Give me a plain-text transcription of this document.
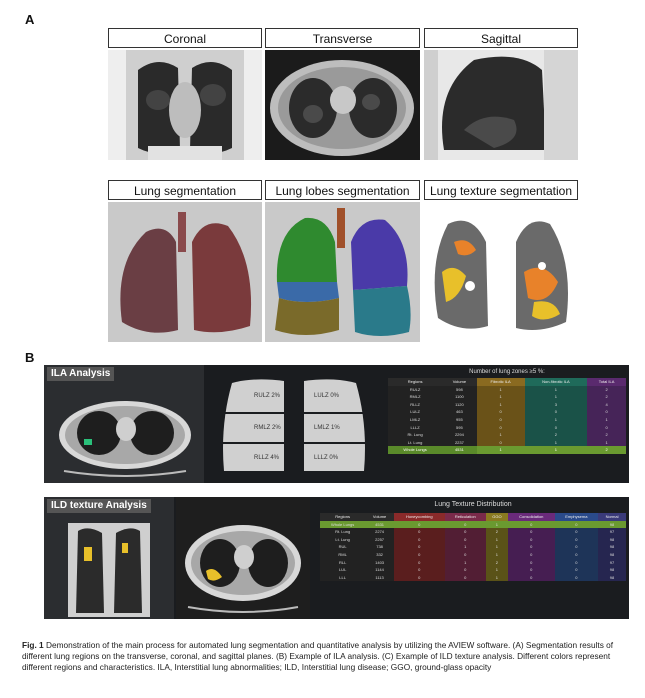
A
Coronal	Transverse	Sagittal
Lung segmentation	Lung lobes segmentation	Lung texture segmentation
B
ILA Analysis
RULZ 2%	LULZ 0%
RMLZ 2%	LMLZ 1%
RLLZ 4%	LLLZ 0%
Number of lung zones ≥5 %:
Regions	Volume	Fibrotic ILA	Non-fibrotic ILA	Total ILA
RULZ	598	1	1	2
RMLZ	1100	1	1	2
RLLZ	1120	1	3	4
LULZ	463	0	0	0
LMLZ	955	0	1	1
LLLZ	595	0	0	0
Rt. Lung	2294	1	2	2
Lt. Lung	2237	0	1	1
Whole Lungs	4531	1	1	2
ILD texture Analysis	Lung Texture Distribution
Regions	Volume	Honeycombing	Reticulation	GGO	Consolidation	Emphysema	Normal
Whole Lungs	4531	0	0	1	0	0	98
Rt. Lung	2274	0	0	2	0	0	97
Lt. Lung	2257	0	0	1	0	0	98
RUL	738	0	1	1	0	0	98
RML	332	0	0	1	0	0	98
RLL	1403	0	1	2	0	0	97
LUL	1144	0	0	1	0	0	98
LLL	1113	0	0	1	0	0	98
Fig. 1 Demonstration of the main process for automated lung segmentation and quantitative analysis by utilizing the AVIEW software. (A) Segmentation results of different lung regions on the transverse, coronal, and sagittal planes. (B) Example of ILA analysis. (C) Example of ILD texture analysis. Different colors represent different regions and characteristics. ILA, Interstitial lung abnormalities; ILD, Interstitial lung disease; GGO, ground-glass opacity
